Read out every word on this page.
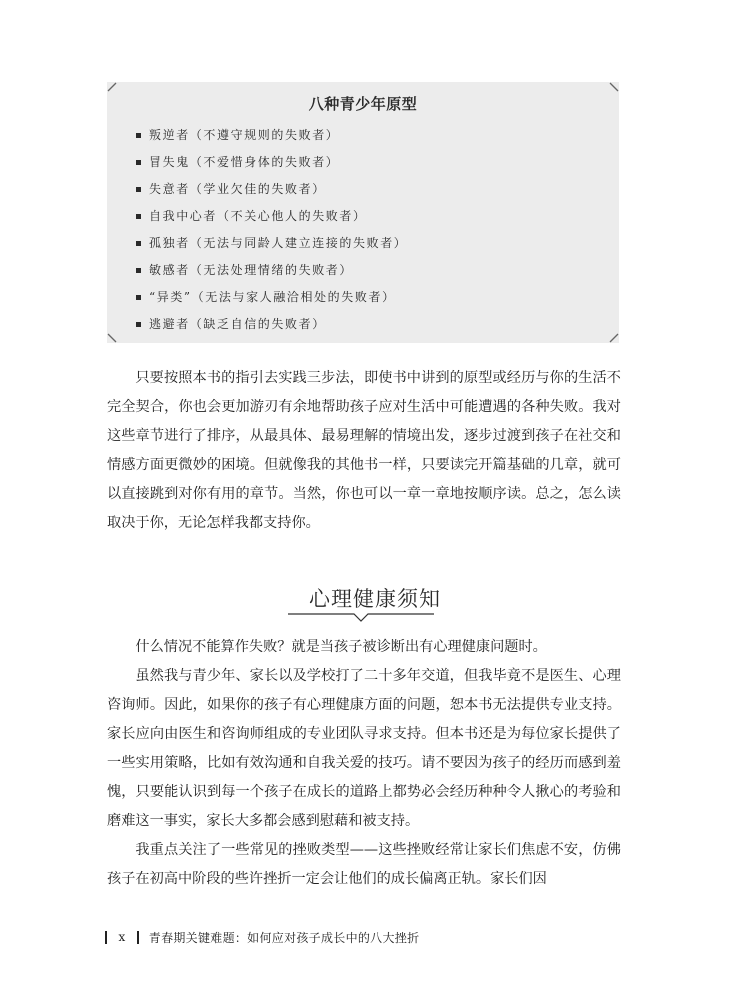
八种青少年原型
叛逆者（不遵守规则的失败者）
冒失鬼（不爱惜身体的失败者）
失意者（学业欠佳的失败者）
自我中心者（不关心他人的失败者）
孤独者（无法与同龄人建立连接的失败者）
敏感者（无法处理情绪的失败者）
“异类”（无法与家人融洽相处的失败者）
逃避者（缺乏自信的失败者）

只要按照本书的指引去实践三步法，即使书中讲到的原型或经历与你的生活不完全契合，你也会更加游刃有余地帮助孩子应对生活中可能遭遇的各种失败。我对这些章节进行了排序，从最具体、最易理解的情境出发，逐步过渡到孩子在社交和情感方面更微妙的困境。但就像我的其他书一样，只要读完开篇基础的几章，就可以直接跳到对你有用的章节。当然，你也可以一章一章地按顺序读。总之，怎么读取决于你，无论怎样我都支持你。

心理健康须知

什么情况不能算作失败？就是当孩子被诊断出有心理健康问题时。

虽然我与青少年、家长以及学校打了二十多年交道，但我毕竟不是医生、心理咨询师。因此，如果你的孩子有心理健康方面的问题，恕本书无法提供专业支持。家长应向由医生和咨询师组成的专业团队寻求支持。但本书还是为每位家长提供了一些实用策略，比如有效沟通和自我关爱的技巧。请不要因为孩子的经历而感到羞愧，只要能认识到每一个孩子在成长的道路上都势必会经历种种令人揪心的考验和磨难这一事实，家长大多都会感到慰藉和被支持。

我重点关注了一些常见的挫败类型——这些挫败经常让家长们焦虑不安，仿佛孩子在初高中阶段的些许挫折一定会让他们的成长偏离正轨。家长们因

x 青春期关键难题：如何应对孩子成长中的八大挫折
